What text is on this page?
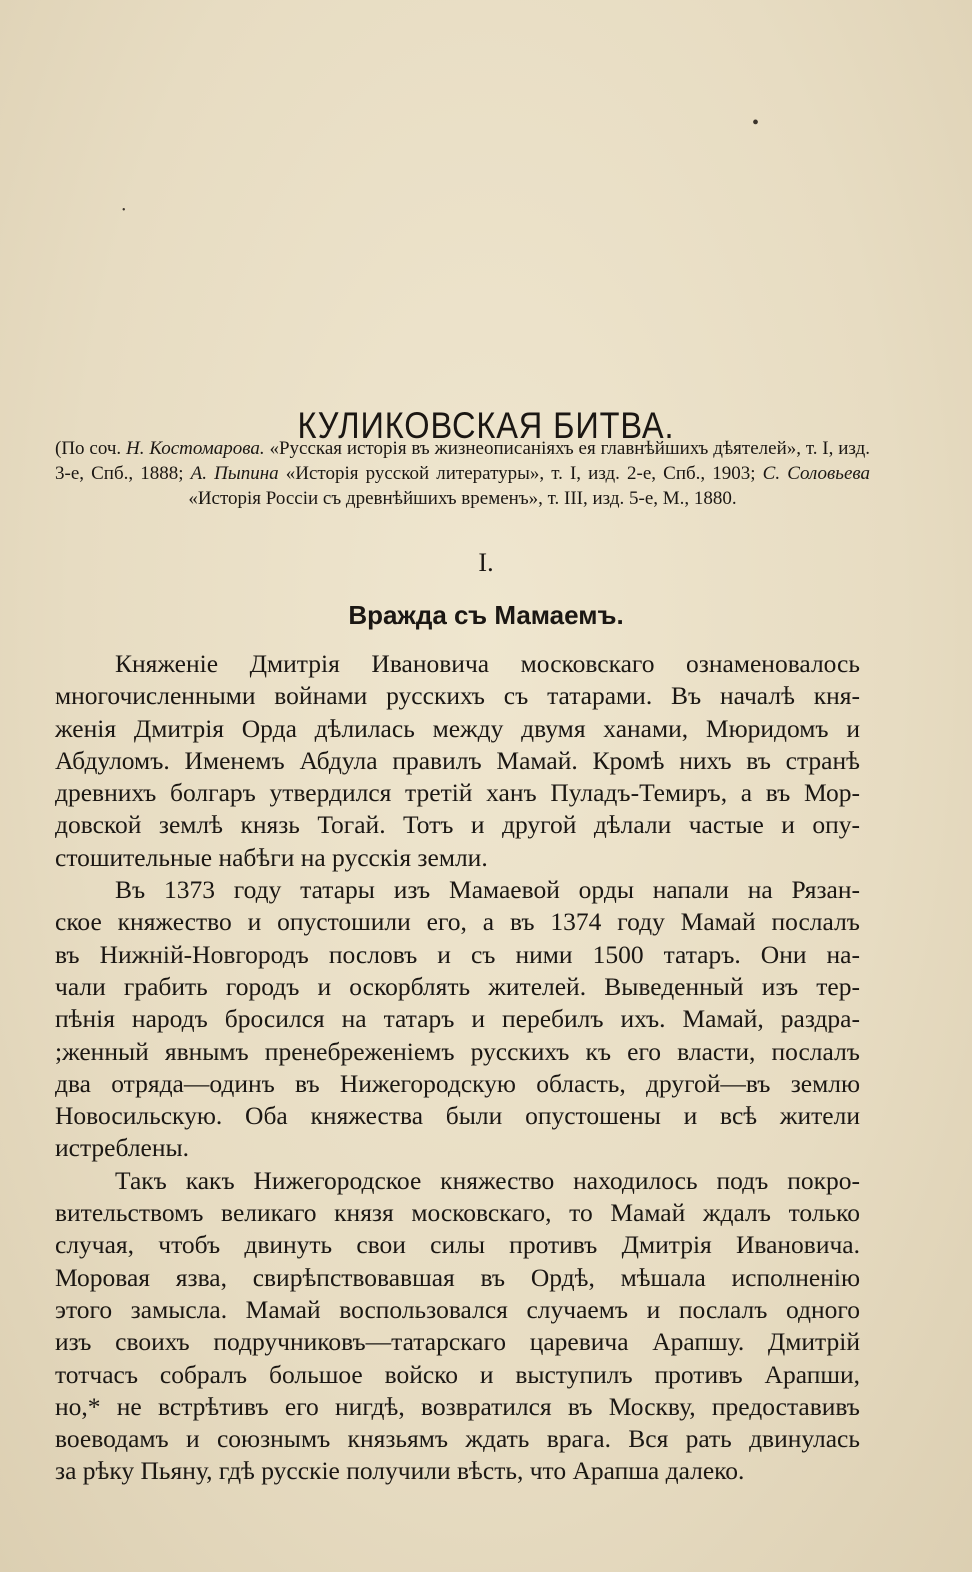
•
•
КУЛИКОВСКАЯ БИТВА.
(По соч. Н. Костомарова. «Русская исторія въ жизнеописаніяхъ ея главнѣйшихъ дѣятелей», т. I, изд. 3-е, Спб., 1888; А. Пыпина «Исторія русской литературы», т. I, изд. 2-е, Спб., 1903; С. Соловьева «Исторія Россіи съ древнѣйшихъ временъ», т. III, изд. 5-е, М., 1880.
I.
Вражда съ Мамаемъ.

Княженіе Дмитрія Ивановича московскаго ознаменовалось
многочисленными войнами русскихъ съ татарами. Въ началѣ кня-
женія Дмитрія Орда дѣлилась между двумя ханами, Мюридомъ и
Абдуломъ. Именемъ Абдула правилъ Мамай. Кромѣ нихъ въ странѣ
древнихъ болгаръ утвердился третій ханъ Пуладъ-Темиръ, а въ Мор-
довской землѣ князь Тогай. Тотъ и другой дѣлали частые и опу-
стошительные набѣги на русскія земли.

Въ 1373 году татары изъ Мамаевой орды напали на Рязан-
ское княжество и опустошили его, а въ 1374 году Мамай послалъ
въ Нижній-Новгородъ пословъ и съ ними 1500 татаръ. Они на-
чали грабить городъ и оскорблять жителей. Выведенный изъ тер-
пѣнія народъ бросился на татаръ и перебилъ ихъ. Мамай, раздра-
;женный явнымъ пренебреженіемъ русскихъ къ его власти, послалъ
два отряда—одинъ въ Нижегородскую область, другой—въ землю
Новосильскую. Оба княжества были опустошены и всѣ жители
истреблены.

Такъ какъ Нижегородское княжество находилось подъ покро-
вительствомъ великаго князя московскаго, то Мамай ждалъ только
случая, чтобъ двинуть свои силы противъ Дмитрія Ивановича.
Моровая язва, свирѣпствовавшая въ Ордѣ, мѣшала исполненію
этого замысла. Мамай воспользовался случаемъ и послалъ одного
изъ своихъ подручниковъ—татарскаго царевича Арапшу. Дмитрій
тотчасъ собралъ большое войско и выступилъ противъ Арапши,
но,* не встрѣтивъ его нигдѣ, возвратился въ Москву, предоставивъ
воеводамъ и союзнымъ князьямъ ждать врага. Вся рать двинулась
за рѣку Пьяну, гдѣ русскіе получили вѣсть, что Арапша далеко.
